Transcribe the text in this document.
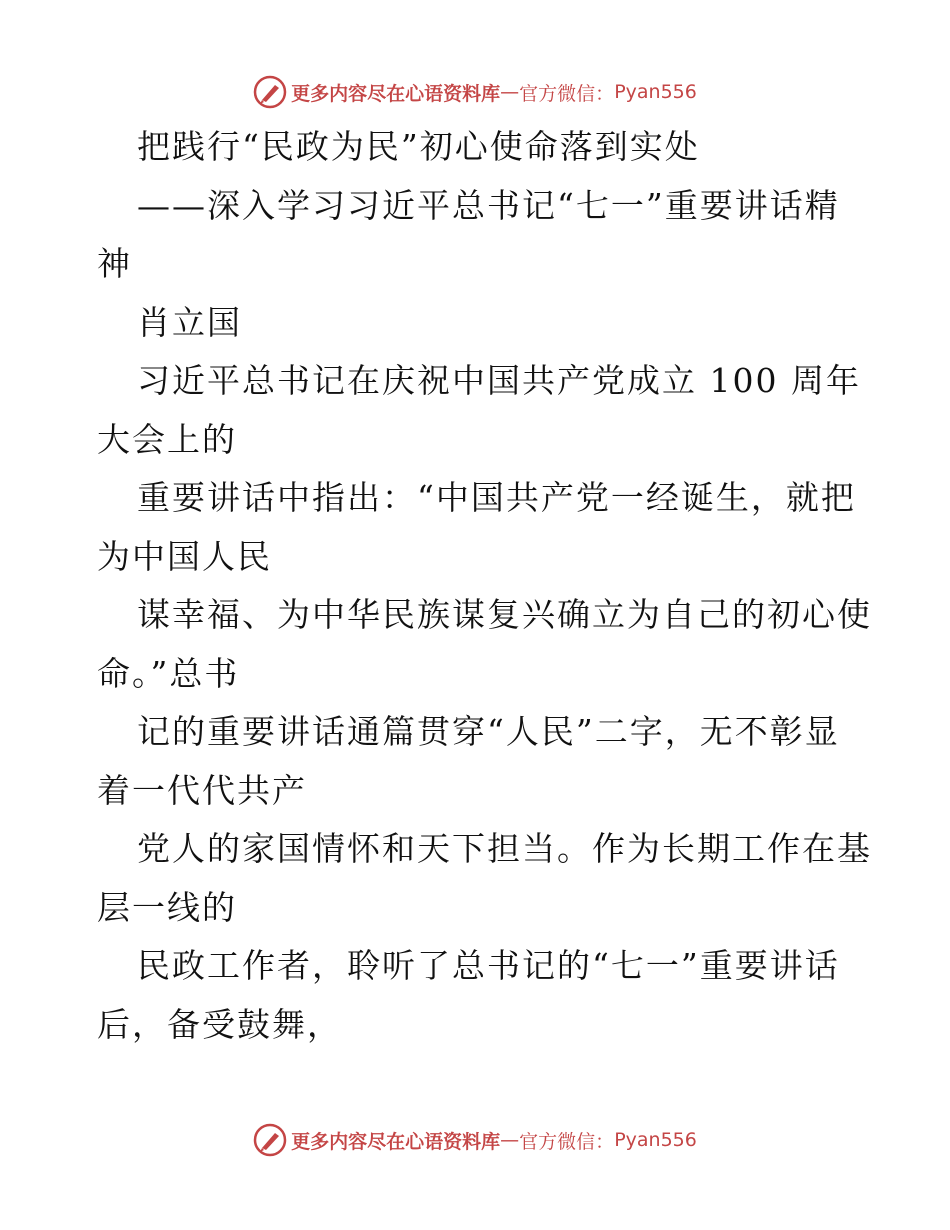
更多内容尽在心语资料库 — 官方微信： Pyan556
把践行“民政为民”初心使命落到实处
——深入学习习近平总书记“七一”重要讲话精
神
肖立国
习近平总书记在庆祝中国共产党成立 100 周年
大会上的
重要讲话中指出：“中国共产党一经诞生，就把
为中国人民
谋幸福、为中华民族谋复兴确立为自己的初心使
命。”总书
记的重要讲话通篇贯穿“人民”二字，无不彰显
着一代代共产
党人的家国情怀和天下担当。作为长期工作在基
层一线的
民政工作者，聆听了总书记的“七一”重要讲话
后，备受鼓舞，
更多内容尽在心语资料库 — 官方微信： Pyan556
